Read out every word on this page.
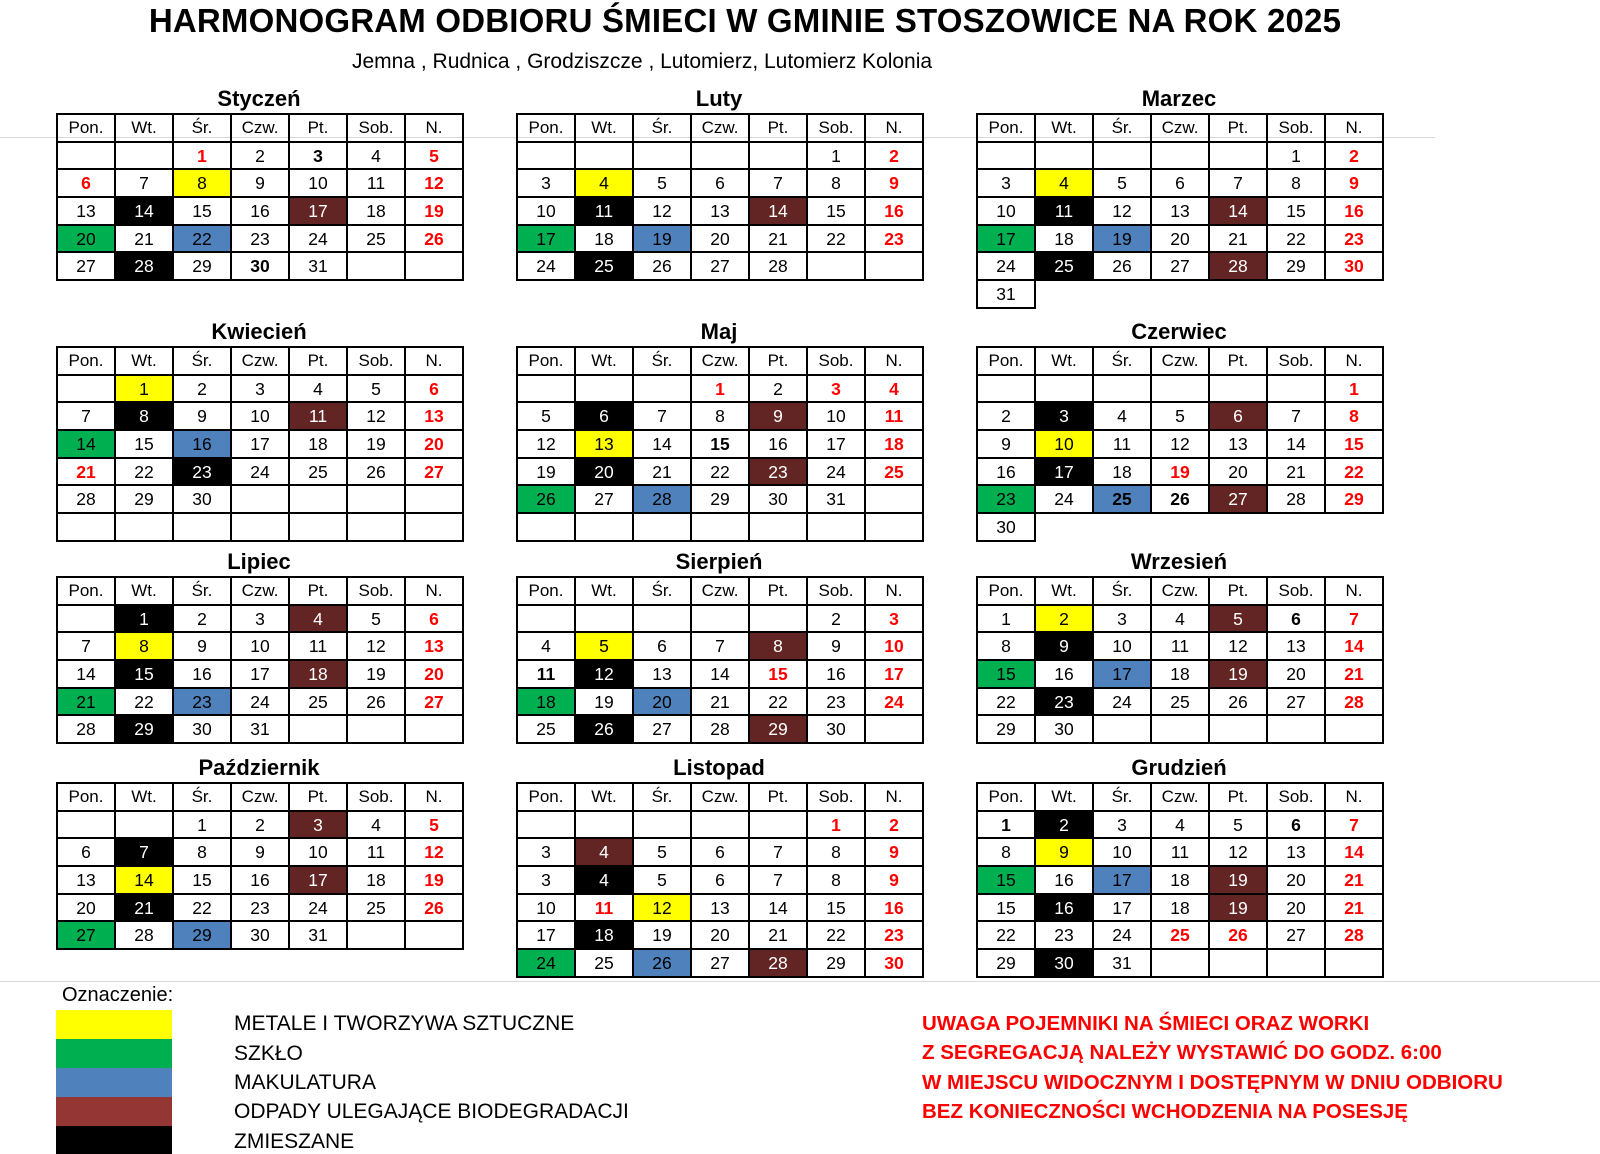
HARMONOGRAM ODBIORU ŚMIECI W GMINIE STOSZOWICE NA ROK 2025
Jemna , Rudnica , Grodziszcze , Lutomierz, Lutomierz Kolonia
Styczeń
Pon.	Wt.	Śr.	Czw.	Pt.	Sob.	N.
		1	2	3	4	5
6	7	8	9	10	11	12
13	14	15	16	17	18	19
20	21	22	23	24	25	26
27	28	29	30	31		
Luty
Pon.	Wt.	Śr.	Czw.	Pt.	Sob.	N.
					1	2
3	4	5	6	7	8	9
10	11	12	13	14	15	16
17	18	19	20	21	22	23
24	25	26	27	28		
Marzec
Pon.	Wt.	Śr.	Czw.	Pt.	Sob.	N.
					1	2
3	4	5	6	7	8	9
10	11	12	13	14	15	16
17	18	19	20	21	22	23
24	25	26	27	28	29	30
31						
Kwiecień
Pon.	Wt.	Śr.	Czw.	Pt.	Sob.	N.
	1	2	3	4	5	6
7	8	9	10	11	12	13
14	15	16	17	18	19	20
21	22	23	24	25	26	27
28	29	30				

Maj
Pon.	Wt.	Śr.	Czw.	Pt.	Sob.	N.
			1	2	3	4
5	6	7	8	9	10	11
12	13	14	15	16	17	18
19	20	21	22	23	24	25
26	27	28	29	30	31	

Czerwiec
Pon.	Wt.	Śr.	Czw.	Pt.	Sob.	N.
						1
2	3	4	5	6	7	8
9	10	11	12	13	14	15
16	17	18	19	20	21	22
23	24	25	26	27	28	29
30						
Lipiec
Pon.	Wt.	Śr.	Czw.	Pt.	Sob.	N.
	1	2	3	4	5	6
7	8	9	10	11	12	13
14	15	16	17	18	19	20
21	22	23	24	25	26	27
28	29	30	31			
Sierpień
Pon.	Wt.	Śr.	Czw.	Pt.	Sob.	N.
					2	3
4	5	6	7	8	9	10
11	12	13	14	15	16	17
18	19	20	21	22	23	24
25	26	27	28	29	30	
Wrzesień
Pon.	Wt.	Śr.	Czw.	Pt.	Sob.	N.
1	2	3	4	5	6	7
8	9	10	11	12	13	14
15	16	17	18	19	20	21
22	23	24	25	26	27	28
29	30					
Październik
Pon.	Wt.	Śr.	Czw.	Pt.	Sob.	N.
		1	2	3	4	5
6	7	8	9	10	11	12
13	14	15	16	17	18	19
20	21	22	23	24	25	26
27	28	29	30	31		
Listopad
Pon.	Wt.	Śr.	Czw.	Pt.	Sob.	N.
					1	2
3	4	5	6	7	8	9
3	4	5	6	7	8	9
10	11	12	13	14	15	16
17	18	19	20	21	22	23
24	25	26	27	28	29	30
Grudzień
Pon.	Wt.	Śr.	Czw.	Pt.	Sob.	N.
1	2	3	4	5	6	7
8	9	10	11	12	13	14
15	16	17	18	19	20	21
15	16	17	18	19	20	21
22	23	24	25	26	27	28
29	30	31				
Oznaczenie:
METALE I TWORZYWA SZTUCZNE
SZKŁO
MAKULATURA
ODPADY ULEGAJĄCE BIODEGRADACJI
ZMIESZANE
UWAGA POJEMNIKI NA ŚMIECI ORAZ WORKI
Z SEGREGACJĄ NALEŻY WYSTAWIĆ DO GODZ. 6:00
W MIEJSCU WIDOCZNYM I DOSTĘPNYM W DNIU ODBIORU
BEZ KONIECZNOŚCI WCHODZENIA NA POSESJĘ
